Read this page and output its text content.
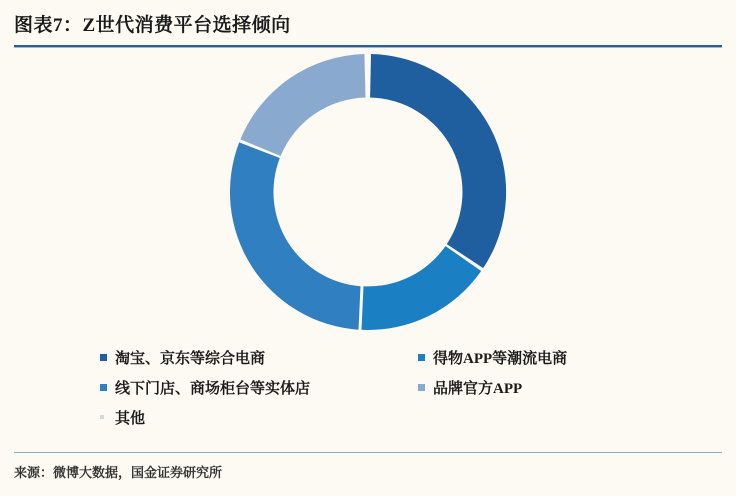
图表7：Z世代消费平台选择倾向
淘宝、京东等综合电商
线下门店、商场柜台等实体店
其他
得物APP等潮流电商
品牌官方APP
来源：微博大数据，国金证券研究所
